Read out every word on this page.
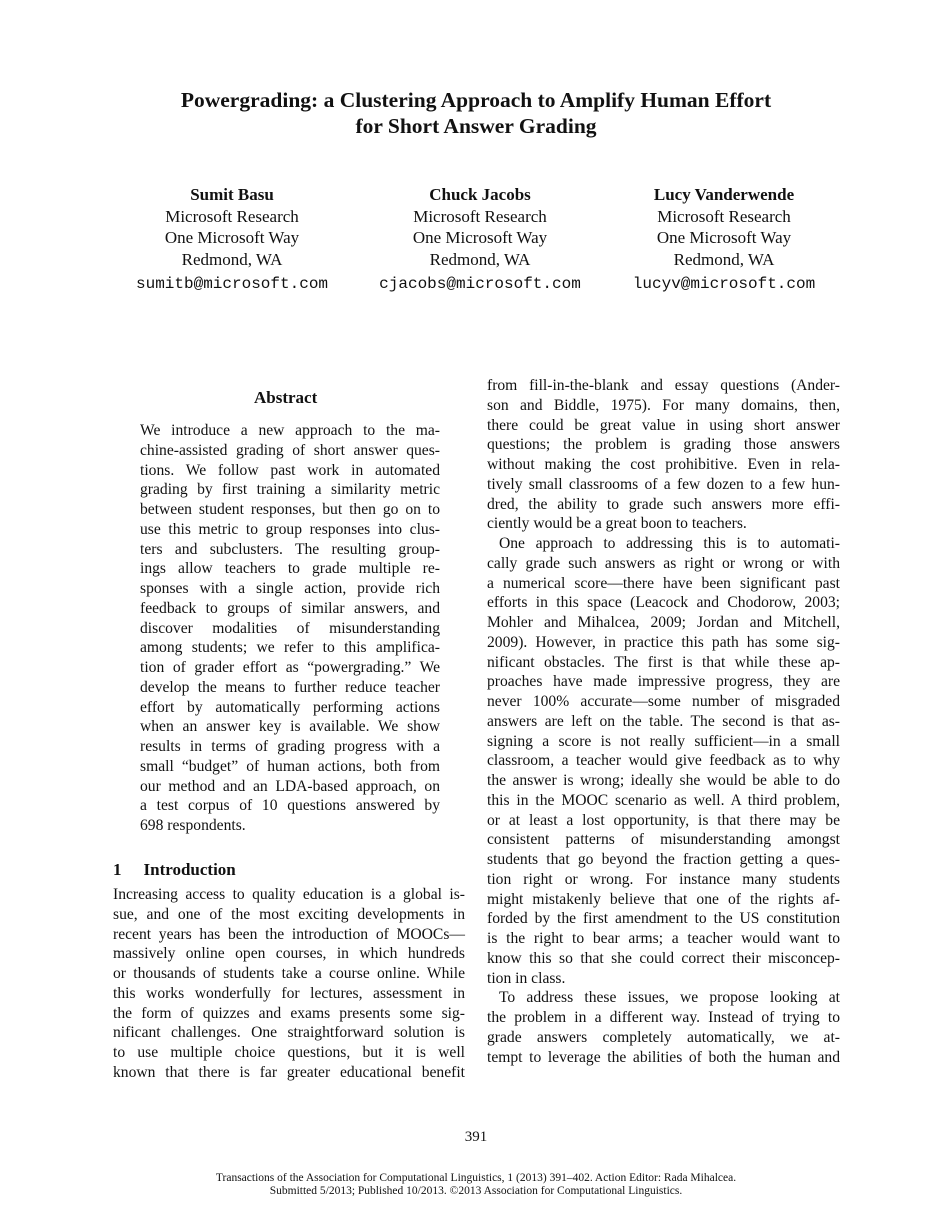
Powergrading: a Clustering Approach to Amplify Human Effort
for Short Answer Grading
Sumit Basu
Microsoft Research
One Microsoft Way
Redmond, WA
sumitb@microsoft.com
Chuck Jacobs
Microsoft Research
One Microsoft Way
Redmond, WA
cjacobs@microsoft.com
Lucy Vanderwende
Microsoft Research
One Microsoft Way
Redmond, WA
lucyv@microsoft.com
Abstract
We introduce a new approach to the ma-
chine-assisted grading of short answer ques-
tions. We follow past work in automated
grading by first training a similarity metric
between student responses, but then go on to
use this metric to group responses into clus-
ters and subclusters. The resulting group-
ings allow teachers to grade multiple re-
sponses with a single action, provide rich
feedback to groups of similar answers, and
discover modalities of misunderstanding
among students; we refer to this amplifica-
tion of grader effort as “powergrading.” We
develop the means to further reduce teacher
effort by automatically performing actions
when an answer key is available. We show
results in terms of grading progress with a
small “budget” of human actions, both from
our method and an LDA-based approach, on
a test corpus of 10 questions answered by
698 respondents.
1 Introduction
Increasing access to quality education is a global is-
sue, and one of the most exciting developments in
recent years has been the introduction of MOOCs—
massively online open courses, in which hundreds
or thousands of students take a course online. While
this works wonderfully for lectures, assessment in
the form of quizzes and exams presents some sig-
nificant challenges. One straightforward solution is
to use multiple choice questions, but it is well
known that there is far greater educational benefit
from fill-in-the-blank and essay questions (Ander-
son and Biddle, 1975). For many domains, then,
there could be great value in using short answer
questions; the problem is grading those answers
without making the cost prohibitive. Even in rela-
tively small classrooms of a few dozen to a few hun-
dred, the ability to grade such answers more effi-
ciently would be a great boon to teachers.
One approach to addressing this is to automati-
cally grade such answers as right or wrong or with
a numerical score—there have been significant past
efforts in this space (Leacock and Chodorow, 2003;
Mohler and Mihalcea, 2009; Jordan and Mitchell,
2009). However, in practice this path has some sig-
nificant obstacles. The first is that while these ap-
proaches have made impressive progress, they are
never 100% accurate—some number of misgraded
answers are left on the table. The second is that as-
signing a score is not really sufficient—in a small
classroom, a teacher would give feedback as to why
the answer is wrong; ideally she would be able to do
this in the MOOC scenario as well. A third problem,
or at least a lost opportunity, is that there may be
consistent patterns of misunderstanding amongst
students that go beyond the fraction getting a ques-
tion right or wrong. For instance many students
might mistakenly believe that one of the rights af-
forded by the first amendment to the US constitution
is the right to bear arms; a teacher would want to
know this so that she could correct their misconcep-
tion in class.
To address these issues, we propose looking at
the problem in a different way. Instead of trying to
grade answers completely automatically, we at-
tempt to leverage the abilities of both the human and
391
Transactions of the Association for Computational Linguistics, 1 (2013) 391–402. Action Editor: Rada Mihalcea.
Submitted 5/2013; Published 10/2013. ©2013 Association for Computational Linguistics.
